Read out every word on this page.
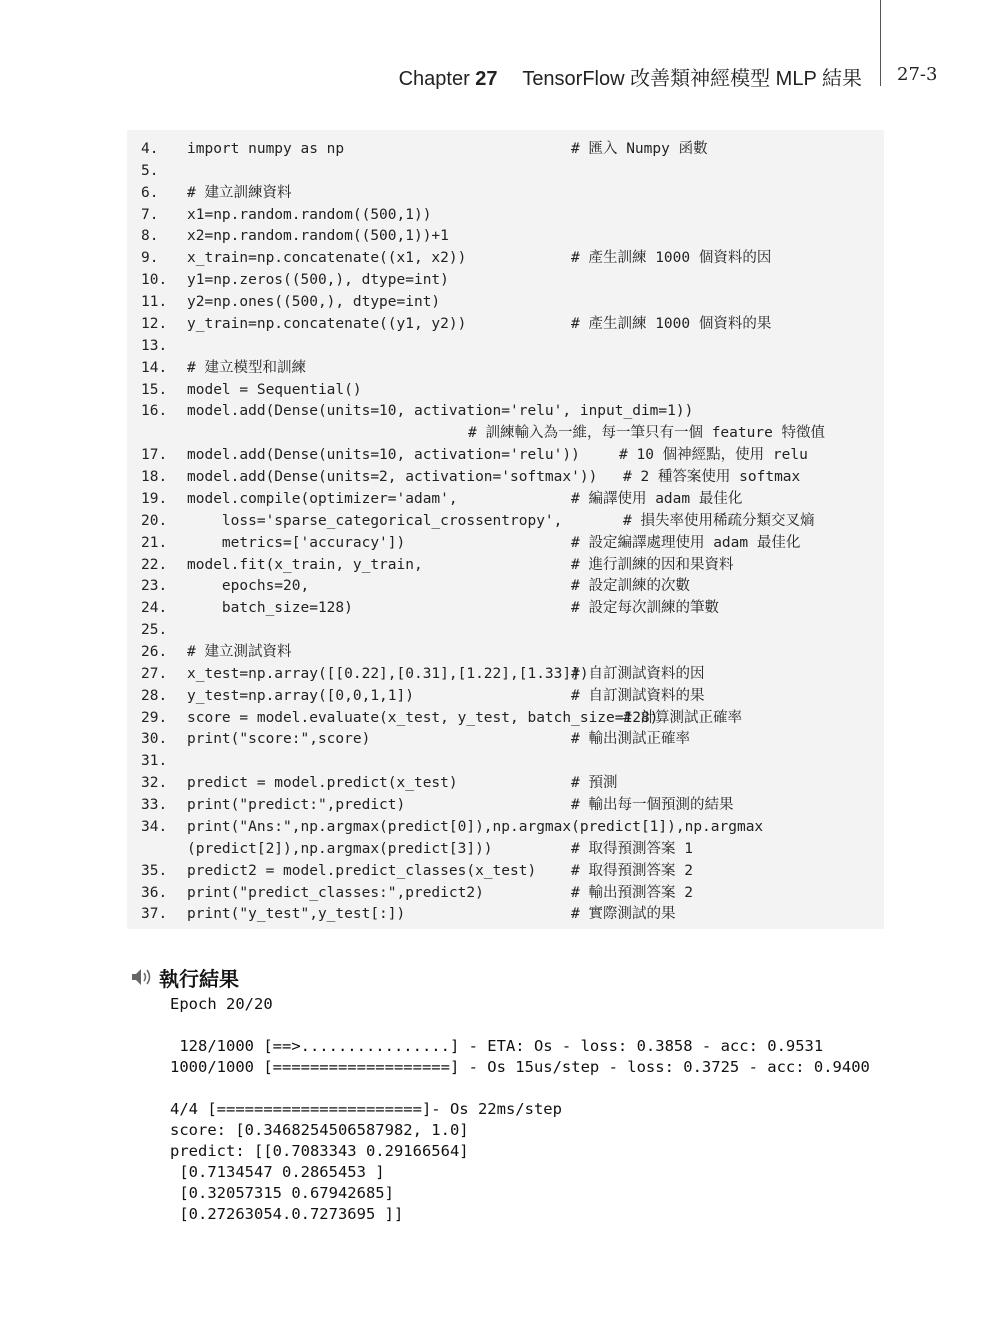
Chapter 27 TensorFlow 改善類神經模型 MLP 結果 27-3
4. import numpy as np	# 匯入 Numpy 函數
5.
6. # 建立訓練資料
7. x1=np.random.random((500,1))
8. x2=np.random.random((500,1))+1
9. x_train=np.concatenate((x1, x2))	# 產生訓練 1000 個資料的因
10. y1=np.zeros((500,), dtype=int)
11. y2=np.ones((500,), dtype=int)
12. y_train=np.concatenate((y1, y2))	# 產生訓練 1000 個資料的果
13.
14. # 建立模型和訓練
15. model = Sequential()
16. model.add(Dense(units=10, activation='relu', input_dim=1))
# 訓練輸入為一維，每一筆只有一個 feature 特徵值
17. model.add(Dense(units=10, activation='relu'))	# 10 個神經點，使用 relu
18. model.add(Dense(units=2, activation='softmax')) # 2 種答案使用 softmax
19. model.compile(optimizer='adam',	# 編譯使用 adam 最佳化
20. loss='sparse_categorical_crossentropy',	# 損失率使用稀疏分類交叉熵
21. metrics=['accuracy'])	# 設定編譯處理使用 adam 最佳化
22. model.fit(x_train, y_train,	# 進行訓練的因和果資料
23. epochs=20,	# 設定訓練的次數
24. batch_size=128)	# 設定每次訓練的筆數
25.
26. # 建立測試資料
27. x_test=np.array([[0.22],[0.31],[1.22],[1.33]])
# 自訂測試資料的因
28. y_test=np.array([0,0,1,1])	# 自訂測試資料的果
29. score = model.evaluate(x_test, y_test, batch_size=128)
# 計算測試正確率
30. print("score:",score)	# 輸出測試正確率
31.
32. predict = model.predict(x_test)	# 預測
33. print("predict:",predict)	# 輸出每一個預測的結果
34. print("Ans:",np.argmax(predict[0]),np.argmax(predict[1]),np.argmax
(predict[2]),np.argmax(predict[3]))	# 取得預測答案 1
35. predict2 = model.predict_classes(x_test) # 取得預測答案 2
36. print("predict_classes:",predict2)	# 輸出預測答案 2
37. print("y_test",y_test[:])	# 實際測試的果
執行結果
Epoch 20/20
128/1000 [==>................] - ETA: Os - loss: 0.3858 - acc: 0.9531
1000/1000 [===================] - Os 15us/step - loss: 0.3725 - acc: 0.9400
4/4 [======================]- Os 22ms/step
score: [0.3468254506587982, 1.0]
predict: [[0.7083343 0.29166564]
[0.7134547 0.2865453 ]
[0.32057315 0.67942685]
[0.27263054.0.7273695 ]]
